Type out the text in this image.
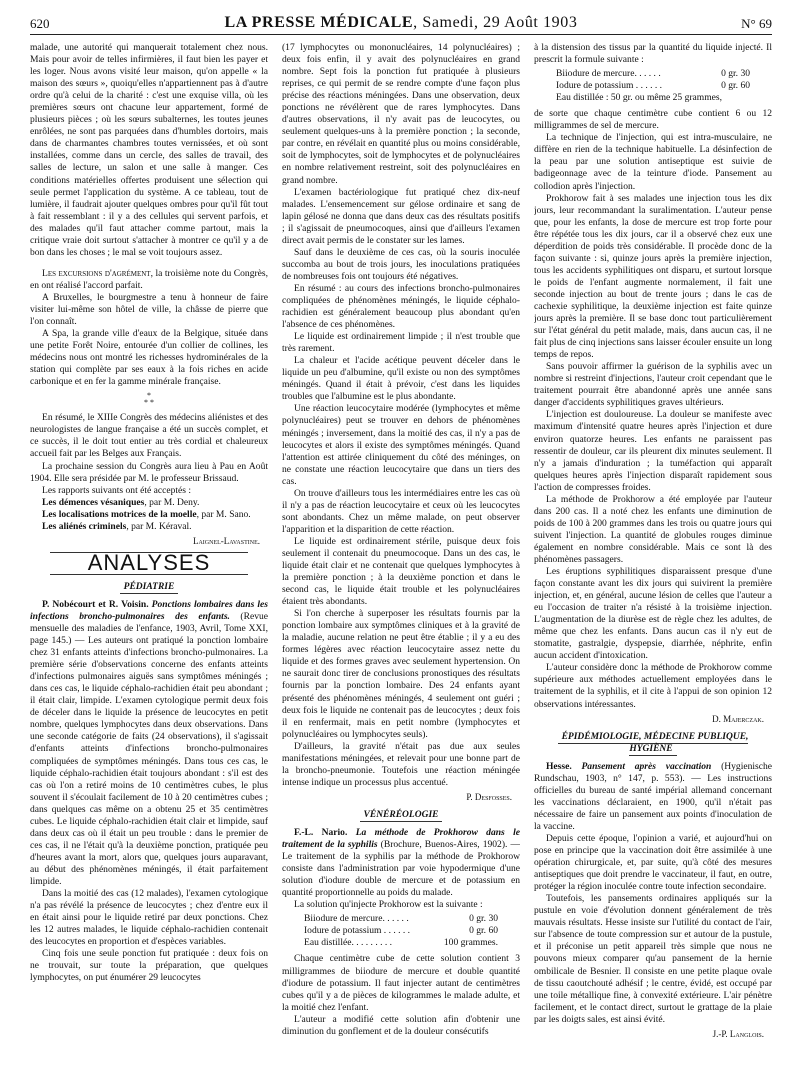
620	LA PRESSE MÉDICALE, Samedi, 29 Août 1903	N° 69

malade, une autorité qui manquerait totalement chez nous. Mais pour avoir de telles infirmières, il faut bien les payer et les loger. Nous avons visité leur maison, qu'on appelle « la maison des sœurs », quoiqu'elles n'appartiennent pas à d'autre ordre qu'à celui de la charité : c'est une exquise villa, où les premières sœurs ont chacune leur appartement, formé de plusieurs pièces ; où les sœurs subalternes, les toutes jeunes enrôlées, ne sont pas parquées dans d'humbles dortoirs, mais dans de charmantes chambres toutes vernissées, et où sont installées, comme dans un cercle, des salles de travail, des salles de lecture, un salon et une salle à manger. Ces conditions matérielles offertes produisent une sélection qui seule permet l'application du système. A ce tableau, tout de lumière, il faudrait ajouter quelques ombres pour qu'il fût tout à fait ressemblant : il y a des cellules qui servent parfois, et des malades qu'il faut attacher comme partout, mais la critique vraie doit surtout s'attacher à montrer ce qu'il y a de bon dans les choses ; le mal se voit toujours assez.

Les excursions d'agrément, la troisième note du Congrès, en ont réalisé l'accord parfait.

A Bruxelles, le bourgmestre a tenu à honneur de faire visiter lui-même son hôtel de ville, la châsse de pierre que l'on connaît.

A Spa, la grande ville d'eaux de la Belgique, située dans une petite Forêt Noire, entourée d'un collier de collines, les médecins nous ont montré les richesses hydrominérales de la station qui complète par ses eaux à la fois riches en acide carbonique et en fer la gamme minérale française.

*
* *

En résumé, le XIIIe Congrès des médecins aliénistes et des neurologistes de langue française a été un succès complet, et ce succès, il le doit tout entier au très cordial et chaleureux accueil fait par les Belges aux Français.

La prochaine session du Congrès aura lieu à Pau en Août 1904. Elle sera présidée par M. le professeur Brissaud.

Les rapports suivants ont été acceptés :

Les démences vésaniques, par M. Deny.

Les localisations motrices de la moelle, par M. Sano.

Les aliénés criminels, par M. Kéraval.

Laignel-Lavastine.
ANALYSES
PÉDIATRIE

P. Nobécourt et R. Voisin. Ponctions lombaires dans les infections broncho-pulmonaires des enfants. (Revue mensuelle des maladies de l'enfance, 1903, Avril, Tome XXI, page 145.) — Les auteurs ont pratiqué la ponction lombaire chez 31 enfants atteints d'infections broncho-pulmonaires. La première série d'observations concerne des enfants atteints d'infections pulmonaires aiguës sans symptômes méningés ; dans ces cas, le liquide céphalo-rachidien était peu abondant ; il était clair, limpide. L'examen cytologique permit deux fois de déceler dans le liquide la présence de leucocytes en petit nombre, quelques lymphocytes dans deux observations. Dans une seconde catégorie de faits (24 observations), il s'agissait d'enfants atteints d'infections broncho-pulmonaires compliquées de symptômes méningés. Dans tous ces cas, le liquide céphalo-rachidien était toujours abondant : s'il est des cas où l'on a retiré moins de 10 centimètres cubes, le plus souvent il s'écoulait facilement de 10 à 20 centimètres cubes ; dans quelques cas même on a obtenu 25 et 35 centimètres cubes. Le liquide céphalo-rachidien était clair et limpide, sauf dans deux cas où il était un peu trouble : dans le premier de ces cas, il ne l'était qu'à la deuxième ponction, pratiquée peu d'heures avant la mort, alors que, quelques jours auparavant, au début des phénomènes méningés, il était parfaitement limpide.

Dans la moitié des cas (12 malades), l'examen cytologique n'a pas révélé la présence de leucocytes ; chez d'entre eux il en était ainsi pour le liquide retiré par deux ponctions. Chez les 12 autres malades, le liquide céphalo-rachidien contenait des leucocytes en proportion et d'espèces variables.

Cinq fois une seule ponction fut pratiquée : deux fois on ne trouvait, sur toute la préparation, que quelques lymphocytes, on put énumérer 29 leucocytes

(17 lymphocytes ou mononucléaires, 14 polynucléaires) ; deux fois enfin, il y avait des polynucléaires en grand nombre. Sept fois la ponction fut pratiquée à plusieurs reprises, ce qui permit de se rendre compte d'une façon plus précise des réactions méningées. Dans une observation, deux ponctions ne révélèrent que de rares lymphocytes. Dans d'autres observations, il n'y avait pas de leucocytes, ou seulement quelques-uns à la première ponction ; la seconde, par contre, en révélait en quantité plus ou moins considérable, soit de lymphocytes, soit de lymphocytes et de polynucléaires en nombre relativement restreint, soit des polynucléaires en grand nombre.

L'examen bactériologique fut pratiqué chez dix-neuf malades. L'ensemencement sur gélose ordinaire et sang de lapin gélosé ne donna que dans deux cas des résultats positifs ; il s'agissait de pneumocoques, ainsi que d'ailleurs l'examen direct avait permis de le constater sur les lames.

Sauf dans le deuxième de ces cas, où la souris inoculée succomba au bout de trois jours, les inoculations pratiquées de nombreuses fois ont toujours été négatives.

En résumé : au cours des infections broncho-pulmonaires compliquées de phénomènes méningés, le liquide céphalo-rachidien est généralement beaucoup plus abondant qu'en l'absence de ces phénomènes.

Le liquide est ordinairement limpide ; il n'est trouble que très rarement.

La chaleur et l'acide acétique peuvent déceler dans le liquide un peu d'albumine, qu'il existe ou non des symptômes méningés. Quand il était à prévoir, c'est dans les liquides troubles que l'albumine est le plus abondante.

Une réaction leucocytaire modérée (lymphocytes et même polynucléaires) peut se trouver en dehors de phénomènes méningés ; inversement, dans la moitié des cas, il n'y a pas de leucocytes et alors il existe des symptômes méningés. Quand l'attention est attirée cliniquement du côté des méninges, on ne constate une réaction leucocytaire que dans un tiers des cas.

On trouve d'ailleurs tous les intermédiaires entre les cas où il n'y a pas de réaction leucocytaire et ceux où les leucocytes sont abondants. Chez un même malade, on peut observer l'apparition et la disparition de cette réaction.

Le liquide est ordinairement stérile, puisque deux fois seulement il contenait du pneumocoque. Dans un des cas, le liquide était clair et ne contenait que quelques lymphocytes à la première ponction ; à la deuxième ponction et dans le second cas, le liquide était trouble et les polynucléaires étaient très abondants.

Si l'on cherche à superposer les résultats fournis par la ponction lombaire aux symptômes cliniques et à la gravité de la maladie, aucune relation ne peut être établie ; il y a eu des formes légères avec réaction leucocytaire assez nette du liquide et des formes graves avec seulement hypertension. On ne saurait donc tirer de conclusions pronostiques des résultats fournis par la ponction lombaire. Des 24 enfants ayant présenté des phénomènes méningés, 4 seulement ont guéri ; deux fois le liquide ne contenait pas de leucocytes ; deux fois il en renfermait, mais en petit nombre (lymphocytes et polynucléaires ou lymphocytes seuls).

D'ailleurs, la gravité n'était pas due aux seules manifestations méningées, et relevait pour une bonne part de la broncho-pneumonie. Toutefois une réaction méningée intense indique un processus plus accentué.

P. Desfosses.
VÉNÉRÉOLOGIE

F.-L. Nario. La méthode de Prokhorow dans le traitement de la syphilis (Brochure, Buenos-Aires, 1902). — Le traitement de la syphilis par la méthode de Prokhorow consiste dans l'administration par voie hypodermique d'une solution d'iodure double de mercure et de potassium en quantité proportionnelle au poids du malade.

La solution qu'injecte Prokhorow est la suivante :

Biiodure de mercure. . . . . .	0 gr. 30
Iodure de potassium . . . . . .	0 gr. 60
Eau distillée. . . . . . . . .	100 grammes.

Chaque centimètre cube de cette solution contient 3 milligrammes de biiodure de mercure et double quantité d'iodure de potassium. Il faut injecter autant de centimètres cubes qu'il y a de pièces de kilogrammes le malade adulte, et la moitié chez l'enfant.

L'auteur a modifié cette solution afin d'obtenir une diminution du gonflement et de la douleur consécutifs

à la distension des tissus par la quantité du liquide injecté. Il prescrit la formule suivante :

Biiodure de mercure. . . . . .	0 gr. 30
Iodure de potassium . . . . . .	0 gr. 60
Eau distillée : 50 gr. ou même 25 grammes,

de sorte que chaque centimètre cube contient 6 ou 12 milligrammes de sel de mercure.

La technique de l'injection, qui est intra-musculaire, ne diffère en rien de la technique habituelle. La désinfection de la peau par une solution antiseptique est suivie de badigeonnage avec de la teinture d'iode. Pansement au collodion après l'injection.

Prokhorow fait à ses malades une injection tous les dix jours, leur recommandant la suralimentation. L'auteur pense que, pour les enfants, la dose de mercure est trop forte pour être répétée tous les dix jours, car il a observé chez eux une déperdition de poids très considérable. Il procède donc de la façon suivante : si, quinze jours après la première injection, tous les accidents syphilitiques ont disparu, et surtout lorsque le poids de l'enfant augmente normalement, il fait une seconde injection au bout de trente jours ; dans le cas de cachexie syphilitique, la deuxième injection est faite quinze jours après la première. Il se base donc tout particulièrement sur l'état général du petit malade, mais, dans aucun cas, il ne fait plus de cinq injections sans laisser écouler ensuite un long temps de repos.

Sans pouvoir affirmer la guérison de la syphilis avec un nombre si restreint d'injections, l'auteur croit cependant que le traitement pourrait être abandonné après une année sans danger d'accidents syphilitiques graves ultérieurs.

L'injection est douloureuse. La douleur se manifeste avec maximum d'intensité quatre heures après l'injection et dure environ quatorze heures. Les enfants ne paraissent pas ressentir de douleur, car ils pleurent dix minutes seulement. Il n'y a jamais d'induration ; la tuméfaction qui apparaît quelques heures après l'injection disparaît rapidement sous l'action de compresses froides.

La méthode de Prokhorow a été employée par l'auteur dans 200 cas. Il a noté chez les enfants une diminution de poids de 100 à 200 grammes dans les trois ou quatre jours qui suivent l'injection. La quantité de globules rouges diminue également en nombre considérable. Mais ce sont là des phénomènes passagers.

Les éruptions syphilitiques disparaissent presque d'une façon constante avant les dix jours qui suivirent la première injection, et, en général, aucune lésion de celles que l'auteur a eu l'occasion de traiter n'a résisté à la troisième injection. L'augmentation de la diurèse est de règle chez les adultes, de même que chez les enfants. Dans aucun cas il n'y eut de stomatite, gastralgie, dyspepsie, diarrhée, néphrite, enfin aucun accident d'intoxication.

L'auteur considère donc la méthode de Prokhorow comme supérieure aux méthodes actuellement employées dans le traitement de la syphilis, et il cite à l'appui de son opinion 12 observations intéressantes.

D. Majerczak.
ÉPIDÉMIOLOGIE, MÉDECINE PUBLIQUE, HYGIÈNE

Hesse. Pansement après vaccination (Hygienische Rundschau, 1903, n° 147, p. 553). — Les instructions officielles du bureau de santé impérial allemand concernant les vaccinations déclaraient, en 1900, qu'il n'était pas nécessaire de faire un pansement aux points d'inoculation de la vaccine.

Depuis cette époque, l'opinion a varié, et aujourd'hui on pose en principe que la vaccination doit être assimilée à une opération chirurgicale, et, par suite, qu'à côté des mesures antiseptiques que doit prendre le vaccinateur, il faut, en outre, protéger la région inoculée contre toute infection secondaire.

Toutefois, les pansements ordinaires appliqués sur la pustule en voie d'évolution donnent généralement de très mauvais résultats. Hesse insiste sur l'utilité du contact de l'air, sur l'absence de toute compression sur et autour de la pustule, et il préconise un petit appareil très simple que nous ne pouvons mieux comparer qu'au pansement de la hernie ombilicale de Besnier. Il consiste en une petite plaque ovale de tissu caoutchouté adhésif ; le centre, évidé, est occupé par une toile métallique fine, à convexité extérieure. L'air pénètre facilement, et le contact direct, surtout le grattage de la plaie par les doigts sales, est ainsi évité.

J.-P. Langlois.
